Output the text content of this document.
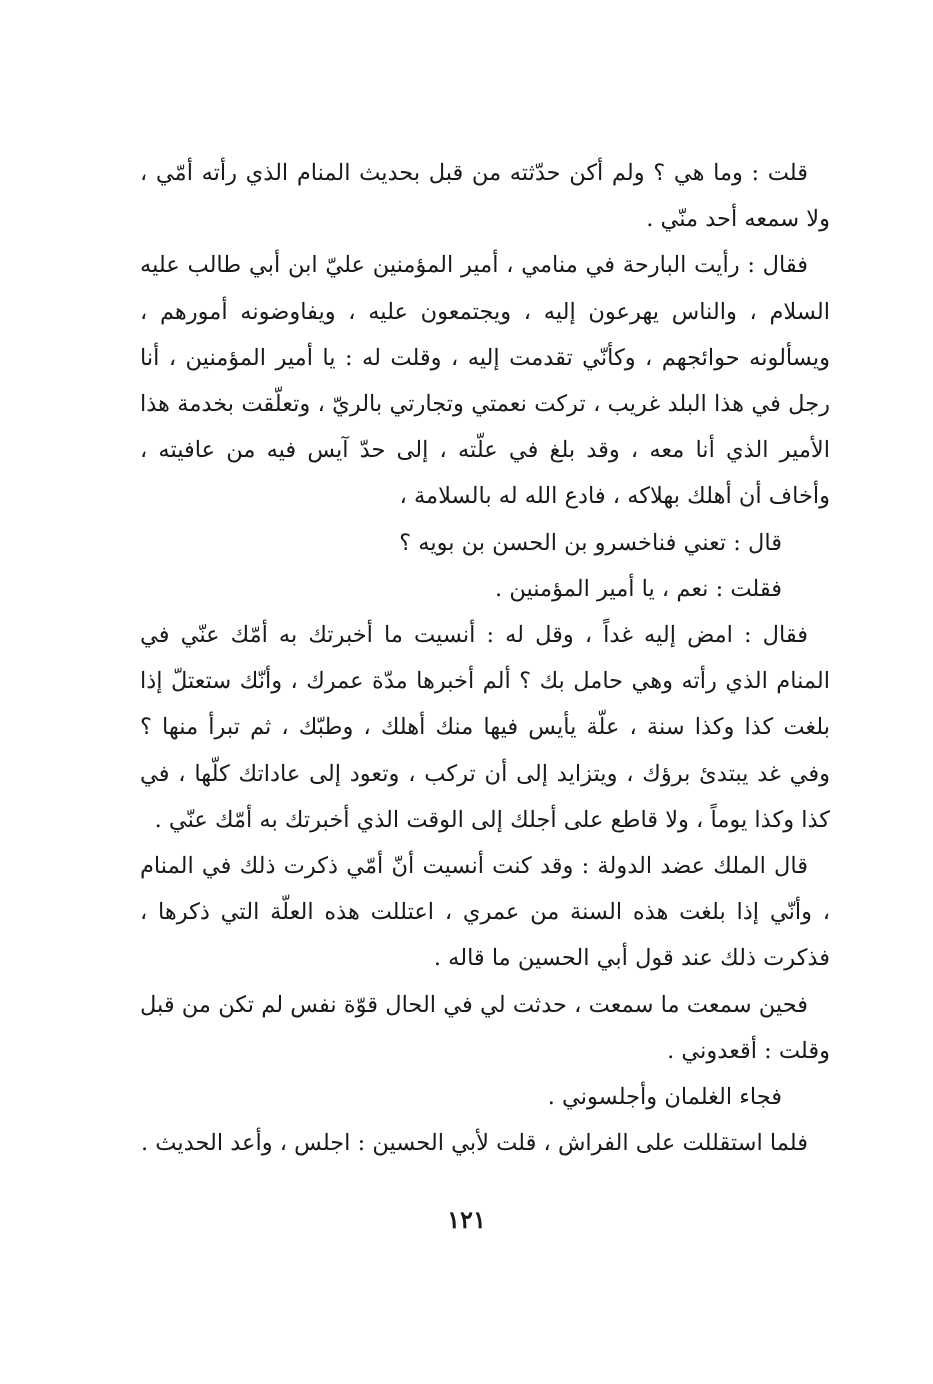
قلت : وما هي ؟ ولم أكن حدّثته من قبل بحديث المنام الذي رأته أمّي ، ولا سمعه أحد منّي .

فقال : رأيت البارحة في منامي ، أمير المؤمنين عليّ ابن أبي طالب عليه السلام ، والناس يهرعون إليه ، ويجتمعون عليه ، ويفاوضونه أمورهم ، ويسألونه حوائجهم ، وكأنّي تقدمت إليه ، وقلت له : يا أمير المؤمنين ، أنا رجل في هذا البلد غريب ، تركت نعمتي وتجارتي بالريّ ، وتعلّقت بخدمة هذا الأمير الذي أنا معه ، وقد بلغ في علّته ، إلى حدّ آيس فيه من عافيته ، وأخاف أن أهلك بهلاكه ، فادع الله له بالسلامة ،

قال : تعني فناخسرو بن الحسن بن بويه ؟

فقلت : نعم ، يا أمير المؤمنين .

فقال : امض إليه غداً ، وقل له : أنسيت ما أخبرتك به أمّك عنّي في المنام الذي رأته وهي حامل بك ؟ ألم أخبرها مدّة عمرك ، وأنّك ستعتلّ إذا بلغت كذا وكذا سنة ، علّة يأيس فيها منك أهلك ، وطبّك ، ثم تبرأ منها ؟ وفي غد يبتدئ برؤك ، ويتزايد إلى أن تركب ، وتعود إلى عاداتك كلّها ، في كذا وكذا يوماً ، ولا قاطع على أجلك إلى الوقت الذي أخبرتك به أمّك عنّي .

قال الملك عضد الدولة : وقد كنت أنسيت أنّ أمّي ذكرت ذلك في المنام ، وأنّي إذا بلغت هذه السنة من عمري ، اعتللت هذه العلّة التي ذكرها ، فذكرت ذلك عند قول أبي الحسين ما قاله .

فحين سمعت ما سمعت ، حدثت لي في الحال قوّة نفس لم تكن من قبل وقلت : أقعدوني .

فجاء الغلمان وأجلسوني .

فلما استقللت على الفراش ، قلت لأبي الحسين : اجلس ، وأعد الحديث .

١٢١
